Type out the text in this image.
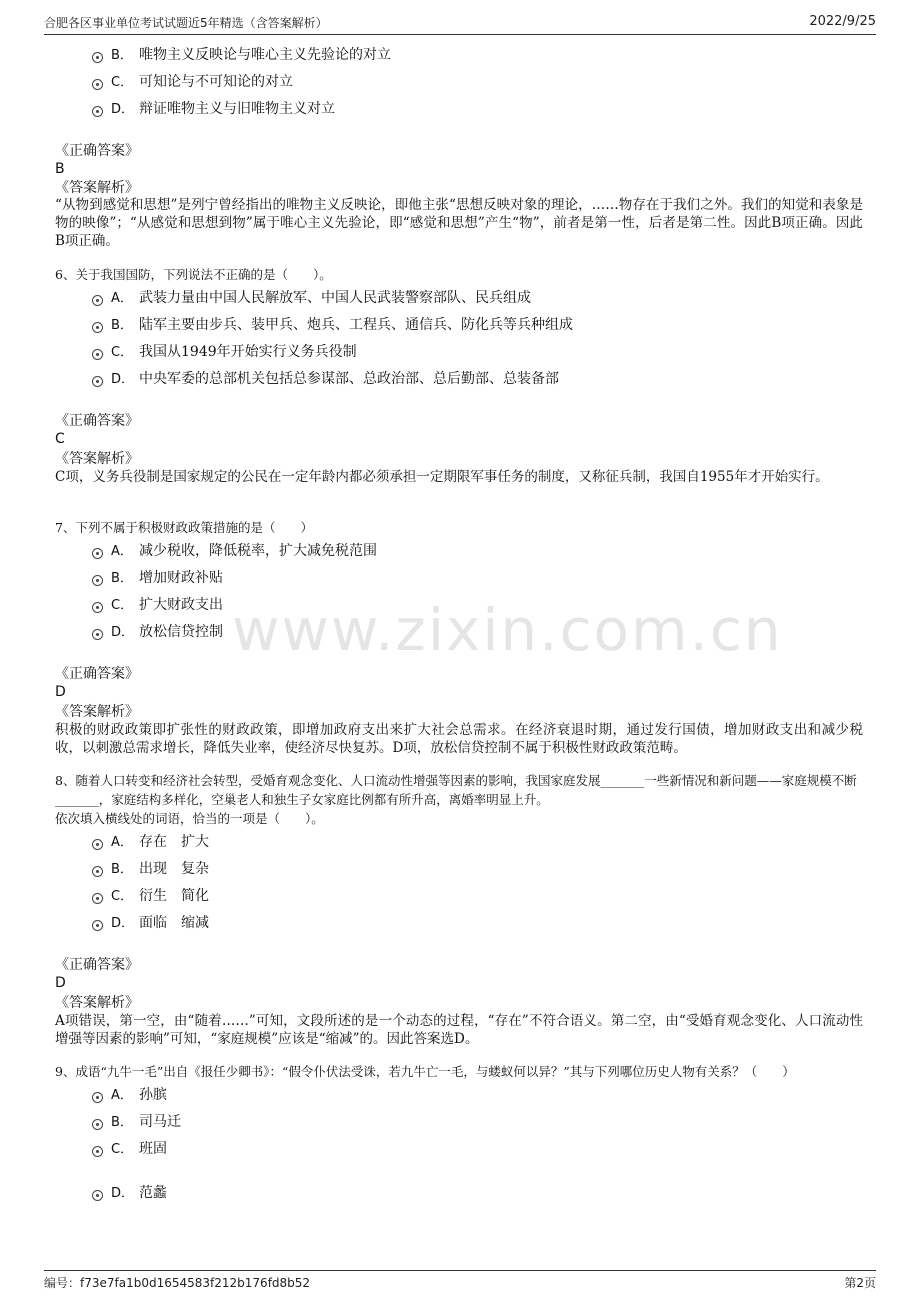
合肥各区事业单位考试试题近5年精选（含答案解析）	2022/9/25
www.zixin.com.cn
B． 唯物主义反映论与唯心主义先验论的对立
C． 可知论与不可知论的对立
D． 辩证唯物主义与旧唯物主义对立
《正确答案》
B
《答案解析》
“从物到感觉和思想”是列宁曾经指出的唯物主义反映论，即他主张“思想反映对象的理论，……物存在于我们之外。我们的知觉和表象是物的映像”；“从感觉和思想到物”属于唯心主义先验论，即“感觉和思想”产生“物”，前者是第一性，后者是第二性。因此B项正确。因此B项正确。
6、关于我国国防，下列说法不正确的是（　　）。
A． 武装力量由中国人民解放军、中国人民武装警察部队、民兵组成
B． 陆军主要由步兵、装甲兵、炮兵、工程兵、通信兵、防化兵等兵种组成
C． 我国从1949年开始实行义务兵役制
D． 中央军委的总部机关包括总参谋部、总政治部、总后勤部、总装备部
《正确答案》
C
《答案解析》
C项，义务兵役制是国家规定的公民在一定年龄内都必须承担一定期限军事任务的制度，又称征兵制，我国自1955年才开始实行。
7、下列不属于积极财政政策措施的是（　　）
A． 减少税收，降低税率，扩大减免税范围
B． 增加财政补贴
C． 扩大财政支出
D． 放松信贷控制
《正确答案》
D
《答案解析》
积极的财政政策即扩张性的财政政策，即增加政府支出来扩大社会总需求。在经济衰退时期，通过发行国债，增加财政支出和减少税收，以刺激总需求增长，降低失业率，使经济尽快复苏。D项，放松信贷控制不属于积极性财政政策范畴。
8、随着人口转变和经济社会转型，受婚育观念变化、人口流动性增强等因素的影响，我国家庭发展_______一些新情况和新问题——家庭规模不断_______，家庭结构多样化，空巢老人和独生子女家庭比例都有所升高，离婚率明显上升。
依次填入横线处的词语，恰当的一项是（　　）。
A． 存在　扩大
B． 出现　复杂
C． 衍生　简化
D． 面临　缩减
《正确答案》
D
《答案解析》
A项错误，第一空，由“随着……”可知，文段所述的是一个动态的过程，“存在”不符合语义。第二空，由“受婚育观念变化、人口流动性增强等因素的影响”可知，“家庭规模”应该是“缩减”的。因此答案选D。
9、成语“九牛一毛”出自《报任少卿书》：“假令仆伏法受诛，若九牛亡一毛，与蝼蚁何以异？”其与下列哪位历史人物有关系？（　　）
A． 孙膑
B． 司马迁
C． 班固
D． 范蠡
编号：f73e7fa1b0d1654583f212b176fd8b52	第2页
